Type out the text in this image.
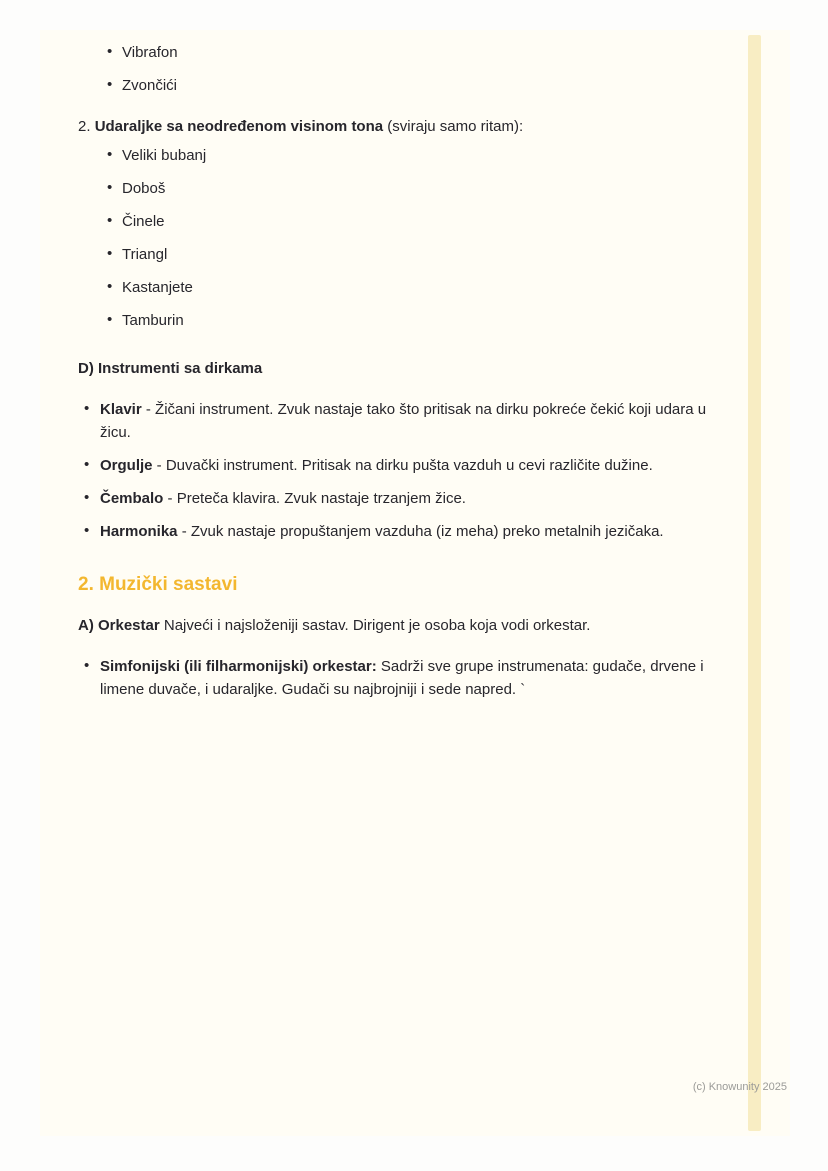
• Vibrafon
• Zvončići
2. Udaraljke sa neodređenom visinom tona (sviraju samo ritam):
• Veliki bubanj
• Doboš
• Činele
• Triangl
• Kastanjete
• Tamburin
D) Instrumenti sa dirkama
• Klavir - Žičani instrument. Zvuk nastaje tako što pritisak na dirku pokreće čekić koji udara u žicu.
• Orgulje - Duvački instrument. Pritisak na dirku pušta vazduh u cevi različite dužine.
• Čembalo - Preteča klavira. Zvuk nastaje trzanjem žice.
• Harmonika - Zvuk nastaje propuštanjem vazduha (iz meha) preko metalnih jezičaka.
2. Muzički sastavi
A) Orkestar Najveći i najsloženiji sastav. Dirigent je osoba koja vodi orkestar.
• Simfonijski (ili filharmonijski) orkestar: Sadrži sve grupe instrumenata: gudače, drvene i limene duvače, i udaraljke. Gudači su najbrojniji i sede napred. `
(c) Knowunity 2025
